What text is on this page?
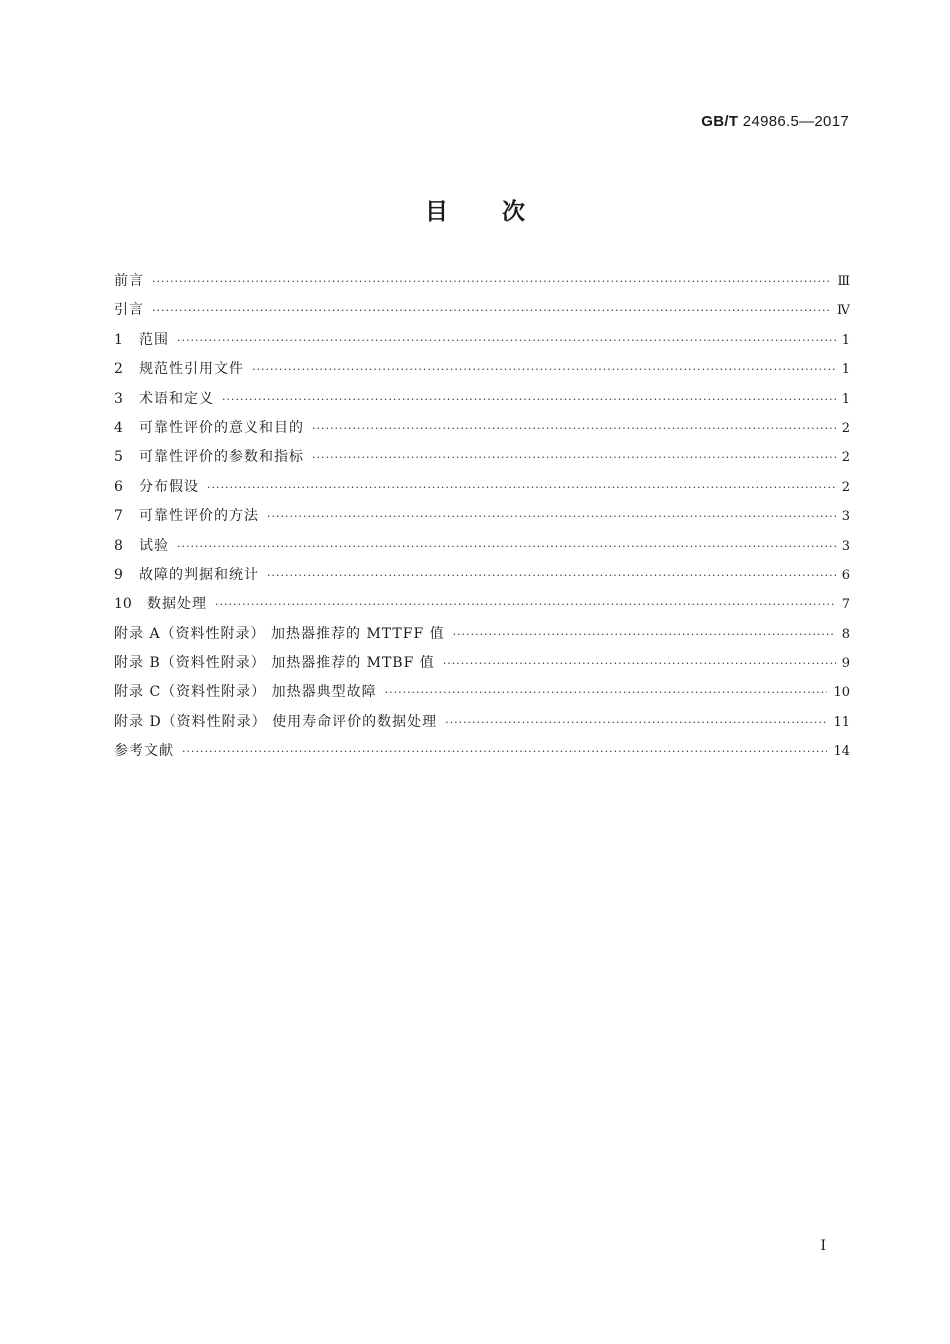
GB/T 24986.5—2017
目次
前言 ·····	Ⅲ
引言 ·····	Ⅳ
1	范围 ·····	1
2	规范性引用文件 ·····	1
3	术语和定义 ·····	1
4	可靠性评价的意义和目的 ·····	2
5	可靠性评价的参数和指标 ·····	2
6	分布假设 ·····	2
7	可靠性评价的方法 ·····	3
8	试验 ·····	3
9	故障的判据和统计 ·····	6
10	数据处理 ·····	7
附录 A（资料性附录） 加热器推荐的 MTTFF 值 ·····	8
附录 B（资料性附录） 加热器推荐的 MTBF 值 ·····	9
附录 C（资料性附录） 加热器典型故障 ·····	10
附录 D（资料性附录） 使用寿命评价的数据处理 ·····	11
参考文献 ·····	14
Ⅰ
